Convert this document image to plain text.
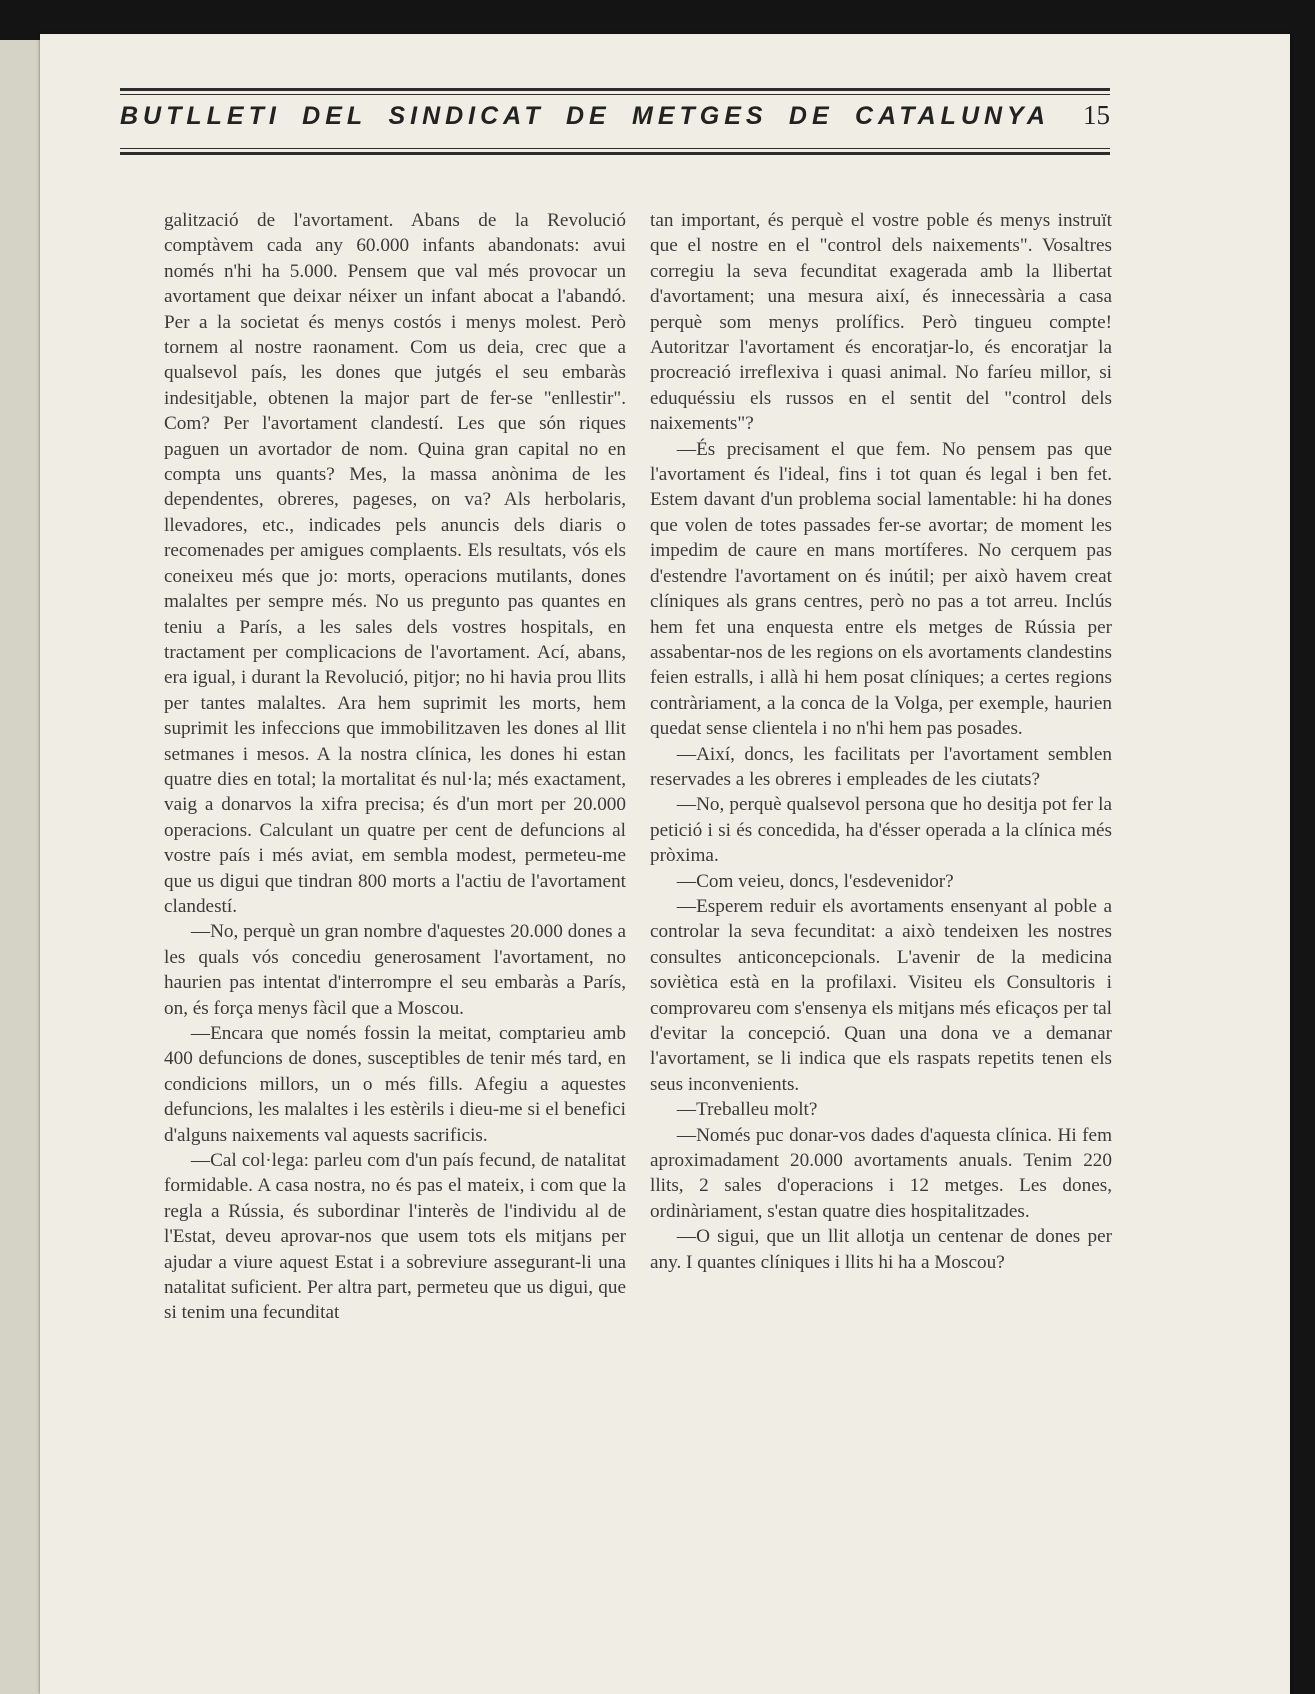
BUTLLETI DEL SINDICAT DE METGES DE CATALUNYA 15

galització de l'avortament. Abans de la Revolució comptàvem cada any 60.000 infants abandonats: avui només n'hi ha 5.000. Pensem que val més provocar un avortament que deixar néixer un infant abocat a l'abandó. Per a la societat és menys costós i menys molest. Però tornem al nostre raonament. Com us deia, crec que a qualsevol país, les dones que jutgés el seu embaràs indesitjable, obtenen la major part de fer-se "enllestir". Com? Per l'avortament clandestí. Les que són riques paguen un avortador de nom. Quina gran capital no en compta uns quants? Mes, la massa anònima de les dependentes, obreres, pageses, on va? Als herbolaris, llevadores, etc., indicades pels anuncis dels diaris o recomenades per amigues complaents. Els resultats, vós els coneixeu més que jo: morts, operacions mutilants, dones malaltes per sempre més. No us pregunto pas quantes en teniu a París, a les sales dels vostres hospitals, en tractament per complicacions de l'avortament. Ací, abans, era igual, i durant la Revolució, pitjor; no hi havia prou llits per tantes malaltes. Ara hem suprimit les morts, hem suprimit les infeccions que immobilitzaven les dones al llit setmanes i mesos. A la nostra clínica, les dones hi estan quatre dies en total; la mortalitat és nul·la; més exactament, vaig a donarvos la xifra precisa; és d'un mort per 20.000 operacions. Calculant un quatre per cent de defuncions al vostre país i més aviat, em sembla modest, permeteu-me que us digui que tindran 800 morts a l'actiu de l'avortament clandestí.

—No, perquè un gran nombre d'aquestes 20.000 dones a les quals vós concediu generosament l'avortament, no haurien pas intentat d'interrompre el seu embaràs a París, on, és força menys fàcil que a Moscou.

—Encara que només fossin la meitat, comptarieu amb 400 defuncions de dones, susceptibles de tenir més tard, en condicions millors, un o més fills. Afegiu a aquestes defuncions, les malaltes i les estèrils i dieu-me si el benefici d'alguns naixements val aquests sacrificis.

—Cal col·lega: parleu com d'un país fecund, de natalitat formidable. A casa nostra, no és pas el mateix, i com que la regla a Rússia, és subordinar l'interès de l'individu al de l'Estat, deveu aprovar-nos que usem tots els mitjans per ajudar a viure aquest Estat i a sobreviure assegurant-li una natalitat suficient. Per altra part, permeteu que us digui, que si tenim una fecunditat

tan important, és perquè el vostre poble és menys instruït que el nostre en el "control dels naixements". Vosaltres corregiu la seva fecunditat exagerada amb la llibertat d'avortament; una mesura així, és innecessària a casa perquè som menys prolífics. Però tingueu compte! Autoritzar l'avortament és encoratjar-lo, és encoratjar la procreació irreflexiva i quasi animal. No faríeu millor, si eduquéssiu els russos en el sentit del "control dels naixements"?

—És precisament el que fem. No pensem pas que l'avortament és l'ideal, fins i tot quan és legal i ben fet. Estem davant d'un problema social lamentable: hi ha dones que volen de totes passades fer-se avortar; de moment les impedim de caure en mans mortíferes. No cerquem pas d'estendre l'avortament on és inútil; per això havem creat clíniques als grans centres, però no pas a tot arreu. Inclús hem fet una enquesta entre els metges de Rússia per assabentar-nos de les regions on els avortaments clandestins feien estralls, i allà hi hem posat clíniques; a certes regions contràriament, a la conca de la Volga, per exemple, haurien quedat sense clientela i no n'hi hem pas posades.

—Així, doncs, les facilitats per l'avortament semblen reservades a les obreres i empleades de les ciutats?

—No, perquè qualsevol persona que ho desitja pot fer la petició i si és concedida, ha d'ésser operada a la clínica més pròxima.

—Com veieu, doncs, l'esdevenidor?

—Esperem reduir els avortaments ensenyant al poble a controlar la seva fecunditat: a això tendeixen les nostres consultes anticoncepcionals. L'avenir de la medicina soviètica està en la profilaxi. Visiteu els Consultoris i comprovareu com s'ensenya els mitjans més eficaços per tal d'evitar la concepció. Quan una dona ve a demanar l'avortament, se li indica que els raspats repetits tenen els seus inconvenients.

—Treballeu molt?

—Només puc donar-vos dades d'aquesta clínica. Hi fem aproximadament 20.000 avortaments anuals. Tenim 220 llits, 2 sales d'operacions i 12 metges. Les dones, ordinàriament, s'estan quatre dies hospitalitzades.

—O sigui, que un llit allotja un centenar de dones per any. I quantes clíniques i llits hi ha a Moscou?
